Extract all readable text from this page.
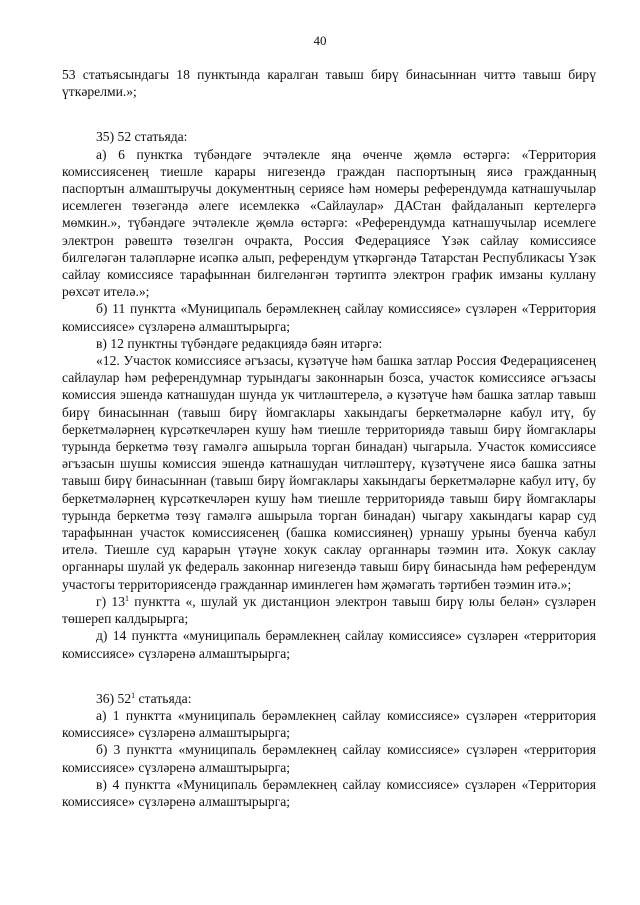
40

53 статьясындагы 18 пунктында каралган тавыш бирү бинасыннан читтә тавыш бирү үткәрелми.»;

35) 52 статьяда:

а) 6 пунктка түбәндәге эчтәлекле яңа өченче җөмлә өстәргә: «Территория комиссиясенең тиешле карары нигезендә граждан паспортының яисә гражданның паспортын алмаштыручы документның сериясе һәм номеры референдумда катнашучылар исемлеген төзегәндә әлеге исемлеккә «Сайлаулар» ДАСтан файдаланып кертелергә мөмкин.», түбәндәге эчтәлекле җөмлә өстәргә: «Референдумда катнашучылар исемлеге электрон рәвештә төзелгән очракта, Россия Федерациясе Үзәк сайлау комиссиясе билгеләгән таләпләрне исәпкә алып, референдум үткәргәндә Татарстан Республикасы Үзәк сайлау комиссиясе тарафыннан билгеләнгән тәртиптә электрон график имзаны куллану рөхсәт ителә.»;

б) 11 пунктта «Муниципаль берәмлекнең сайлау комиссиясе» сүзләрен «Территория комиссиясе» сүзләренә алмаштырырга;

в) 12 пунктны түбәндәге редакциядә бәян итәргә:

«12. Участок комиссиясе әгъзасы, күзәтүче һәм башка затлар Россия Федерациясенең сайлаулар һәм референдумнар турындагы законнарын бозса, участок комиссиясе әгъзасы комиссия эшендә катнашудан шунда ук читләштерелә, ә күзәтүче һәм башка затлар тавыш бирү бинасыннан (тавыш бирү йомгаклары хакындагы беркетмәләрне кабул итү, бу беркетмәләрнең күрсәткечләрен кушу һәм тиешле территориядә тавыш бирү йомгаклары турында беркетмә төзү гамәлгә ашырыла торган бинадан) чыгарыла. Участок комиссиясе әгъзасын шушы комиссия эшендә катнашудан читләштерү, күзәтүчене яисә башка затны тавыш бирү бинасыннан (тавыш бирү йомгаклары хакындагы беркетмәләрне кабул итү, бу беркетмәләрнең күрсәткечләрен кушу һәм тиешле территориядә тавыш бирү йомгаклары турында беркетмә төзү гамәлгә ашырыла торган бинадан) чыгару хакындагы карар суд тарафыннан участок комиссиясенең (башка комиссиянең) урнашу урыны буенча кабул ителә. Тиешле суд карарын үтәүне хокук саклау органнары тәэмин итә. Хокук саклау органнары шулай ук федераль законнар нигезендә тавыш бирү бинасында һәм референдум участогы территориясендә гражданнар иминлеген һәм җәмәгать тәртибен тәэмин итә.»;

г) $13^1$ пунктта «, шулай ук дистанцион электрон тавыш бирү юлы белән» сүзләрен төшереп калдырырга;

д) 14 пунктта «муниципаль берәмлекнең сайлау комиссиясе» сүзләрен «территория комиссиясе» сүзләренә алмаштырырга;

36) $52^1$ статьяда:

а) 1 пунктта «муниципаль берәмлекнең сайлау комиссиясе» сүзләрен «территория комиссиясе» сүзләренә алмаштырырга;

б) 3 пунктта «муниципаль берәмлекнең сайлау комиссиясе» сүзләрен «территория комиссиясе» сүзләренә алмаштырырга;

в) 4 пунктта «Муниципаль берәмлекнең сайлау комиссиясе» сүзләрен «Территория комиссиясе» сүзләренә алмаштырырга;
